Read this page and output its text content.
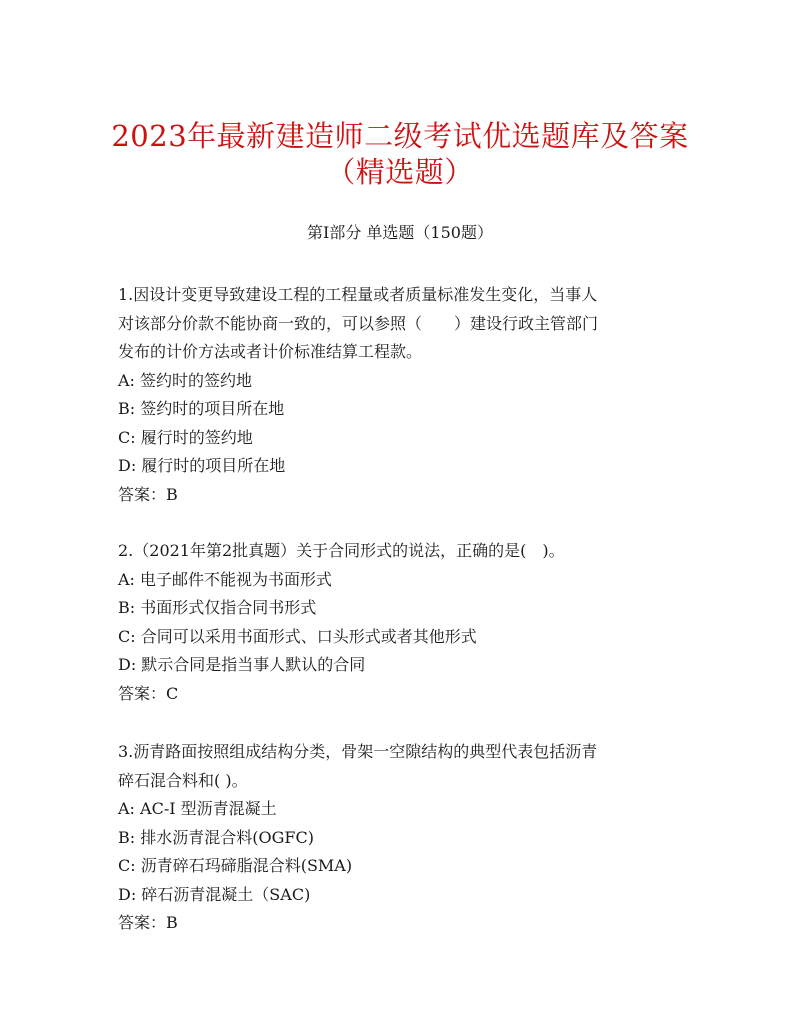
2023年最新建造师二级考试优选题库及答案
（精选题）
第I部分 单选题（150题）
1.因设计变更导致建设工程的工程量或者质量标准发生变化，当事人
对该部分价款不能协商一致的，可以参照（　　）建设行政主管部门
发布的计价方法或者计价标准结算工程款。
A: 签约时的签约地
B: 签约时的项目所在地
C: 履行时的签约地
D: 履行时的项目所在地
答案：B
2.（2021年第2批真题）关于合同形式的说法，正确的是(　)。
A: 电子邮件不能视为书面形式
B: 书面形式仅指合同书形式
C: 合同可以采用书面形式、口头形式或者其他形式
D: 默示合同是指当事人默认的合同
答案：C
3.沥青路面按照组成结构分类，骨架一空隙结构的典型代表包括沥青
碎石混合料和( )。
A: AC-I 型沥青混凝土
B: 排水沥青混合料(OGFC)
C: 沥青碎石玛碲脂混合料(SMA)
D: 碎石沥青混凝土（SAC)
答案：B
